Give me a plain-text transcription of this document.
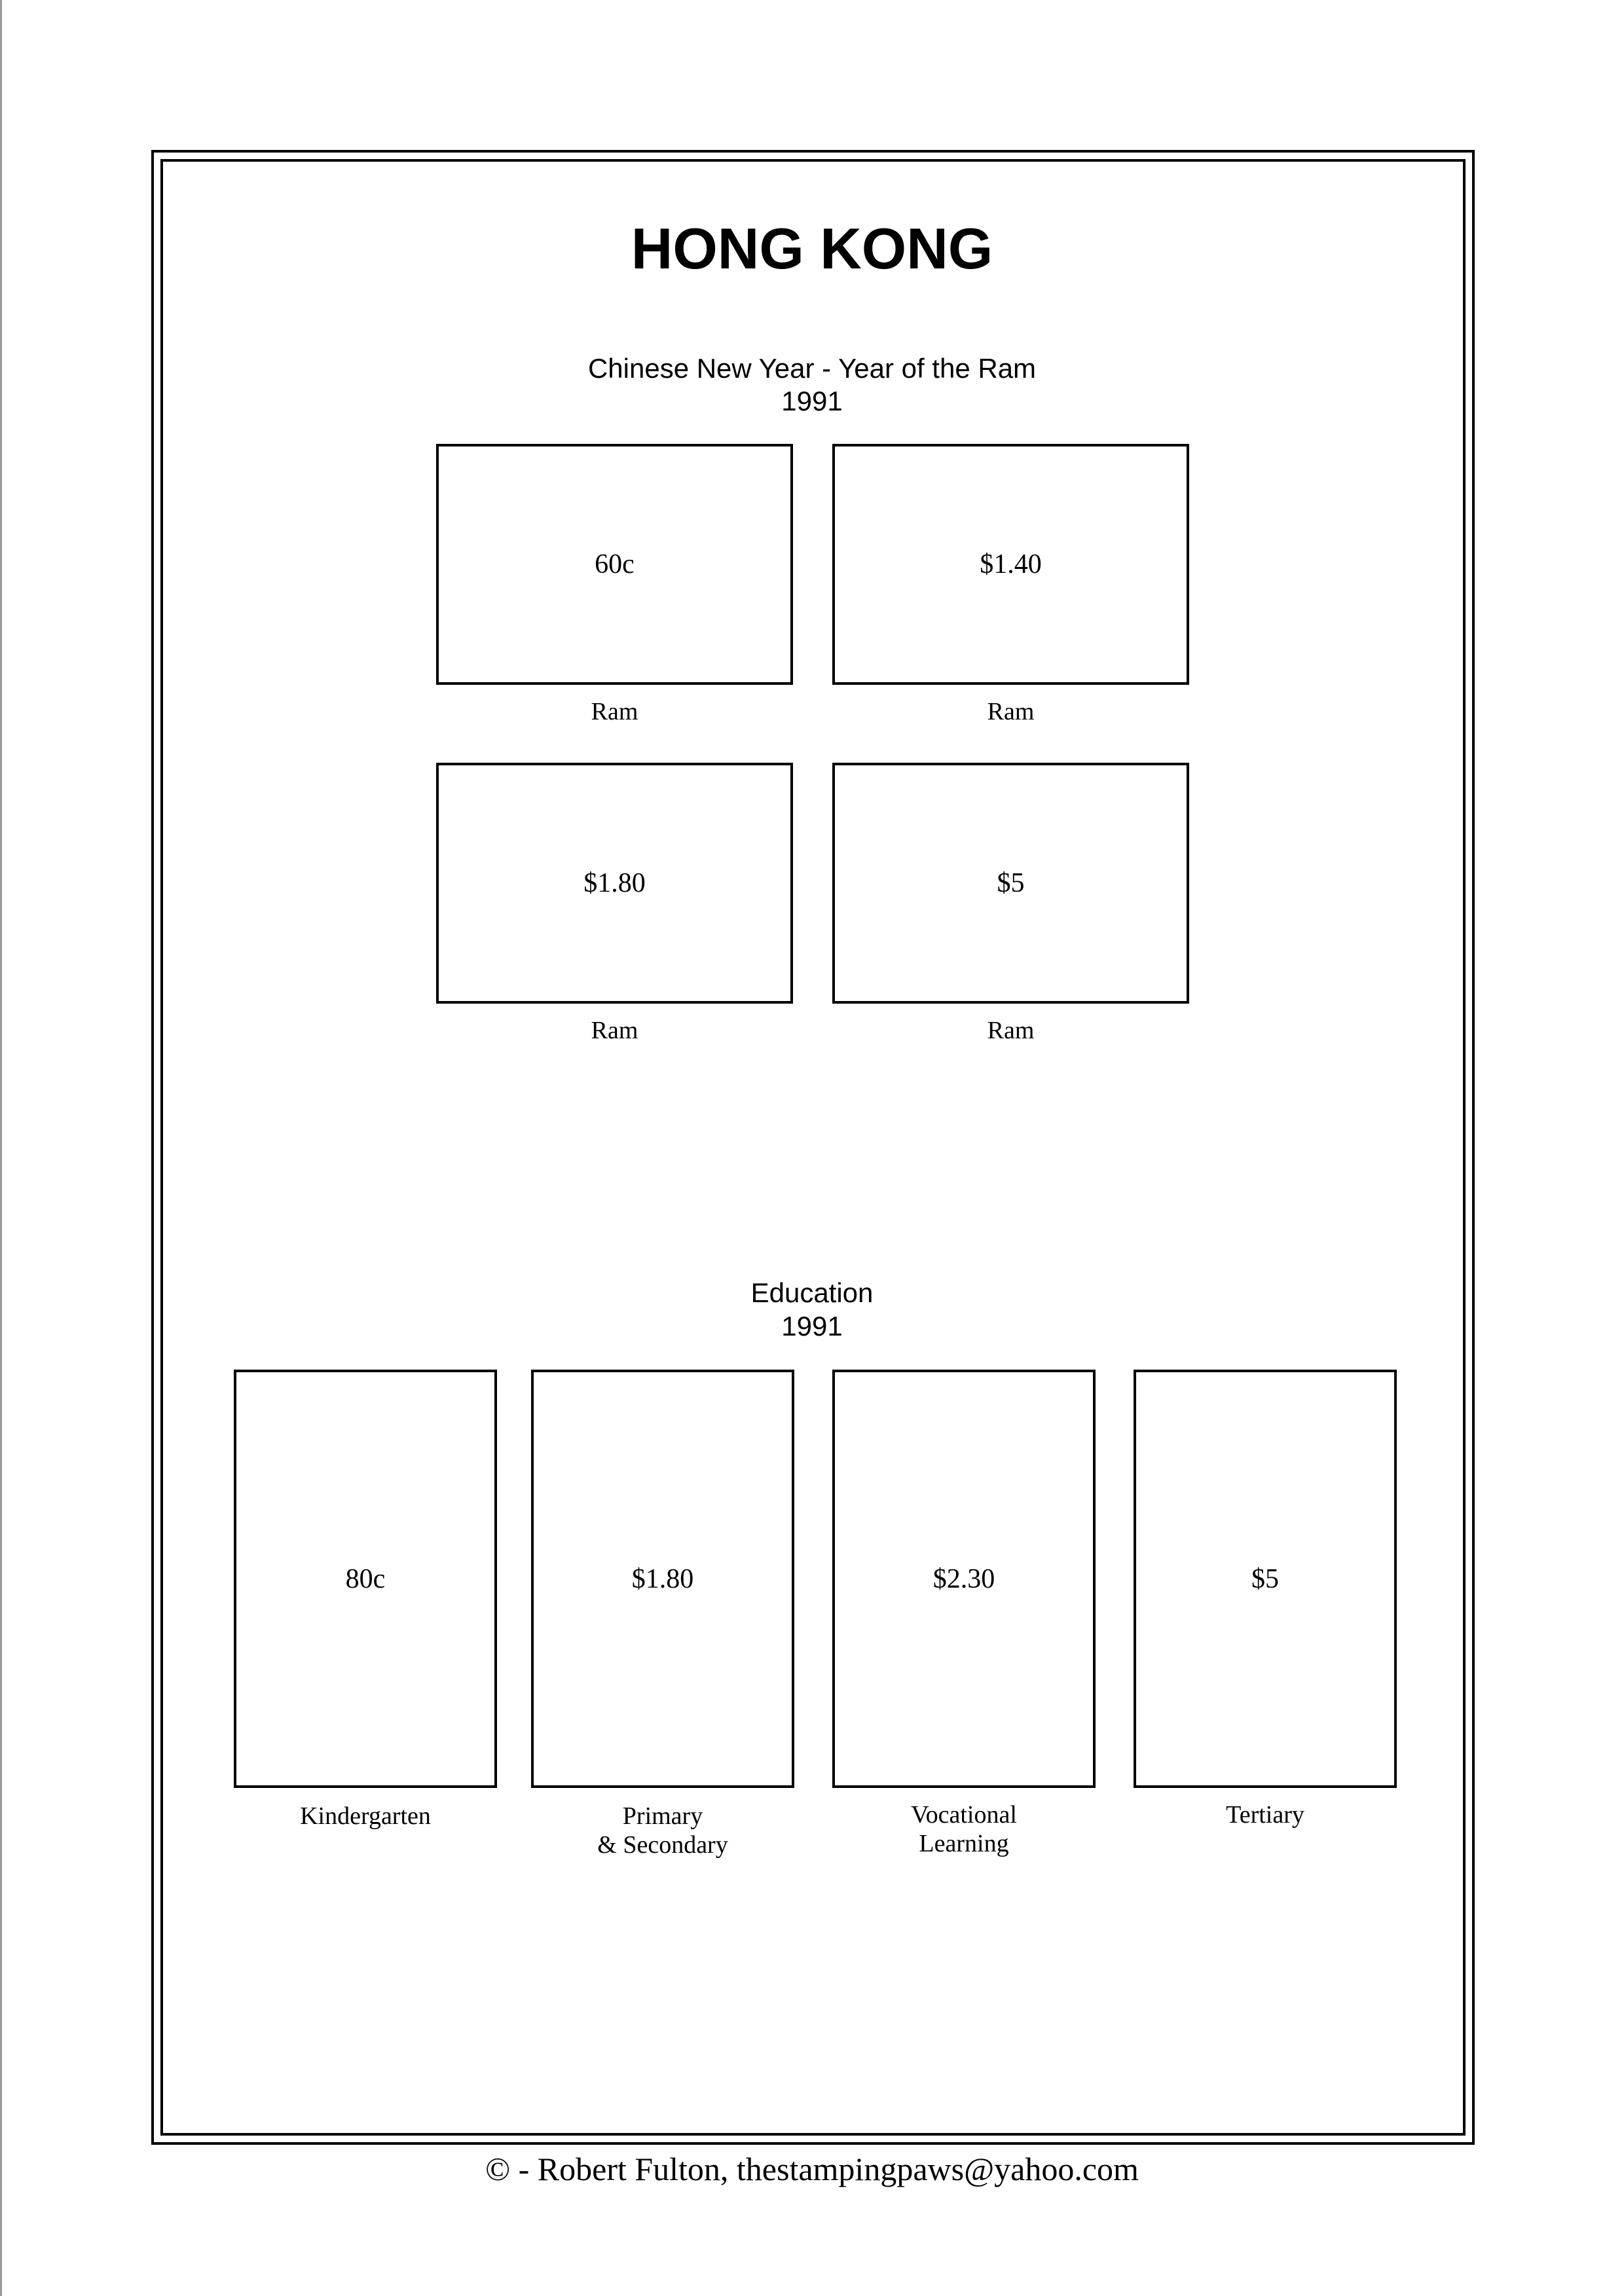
HONG KONG
Chinese New Year - Year of the Ram
1991
60c
Ram
$1.40
Ram
$1.80
Ram
$5
Ram
Education
1991
80c
Kindergarten
$1.80
Primary
& Secondary
$2.30
Vocational
Learning
$5
Tertiary
© - Robert Fulton, thestampingpaws@yahoo.com
